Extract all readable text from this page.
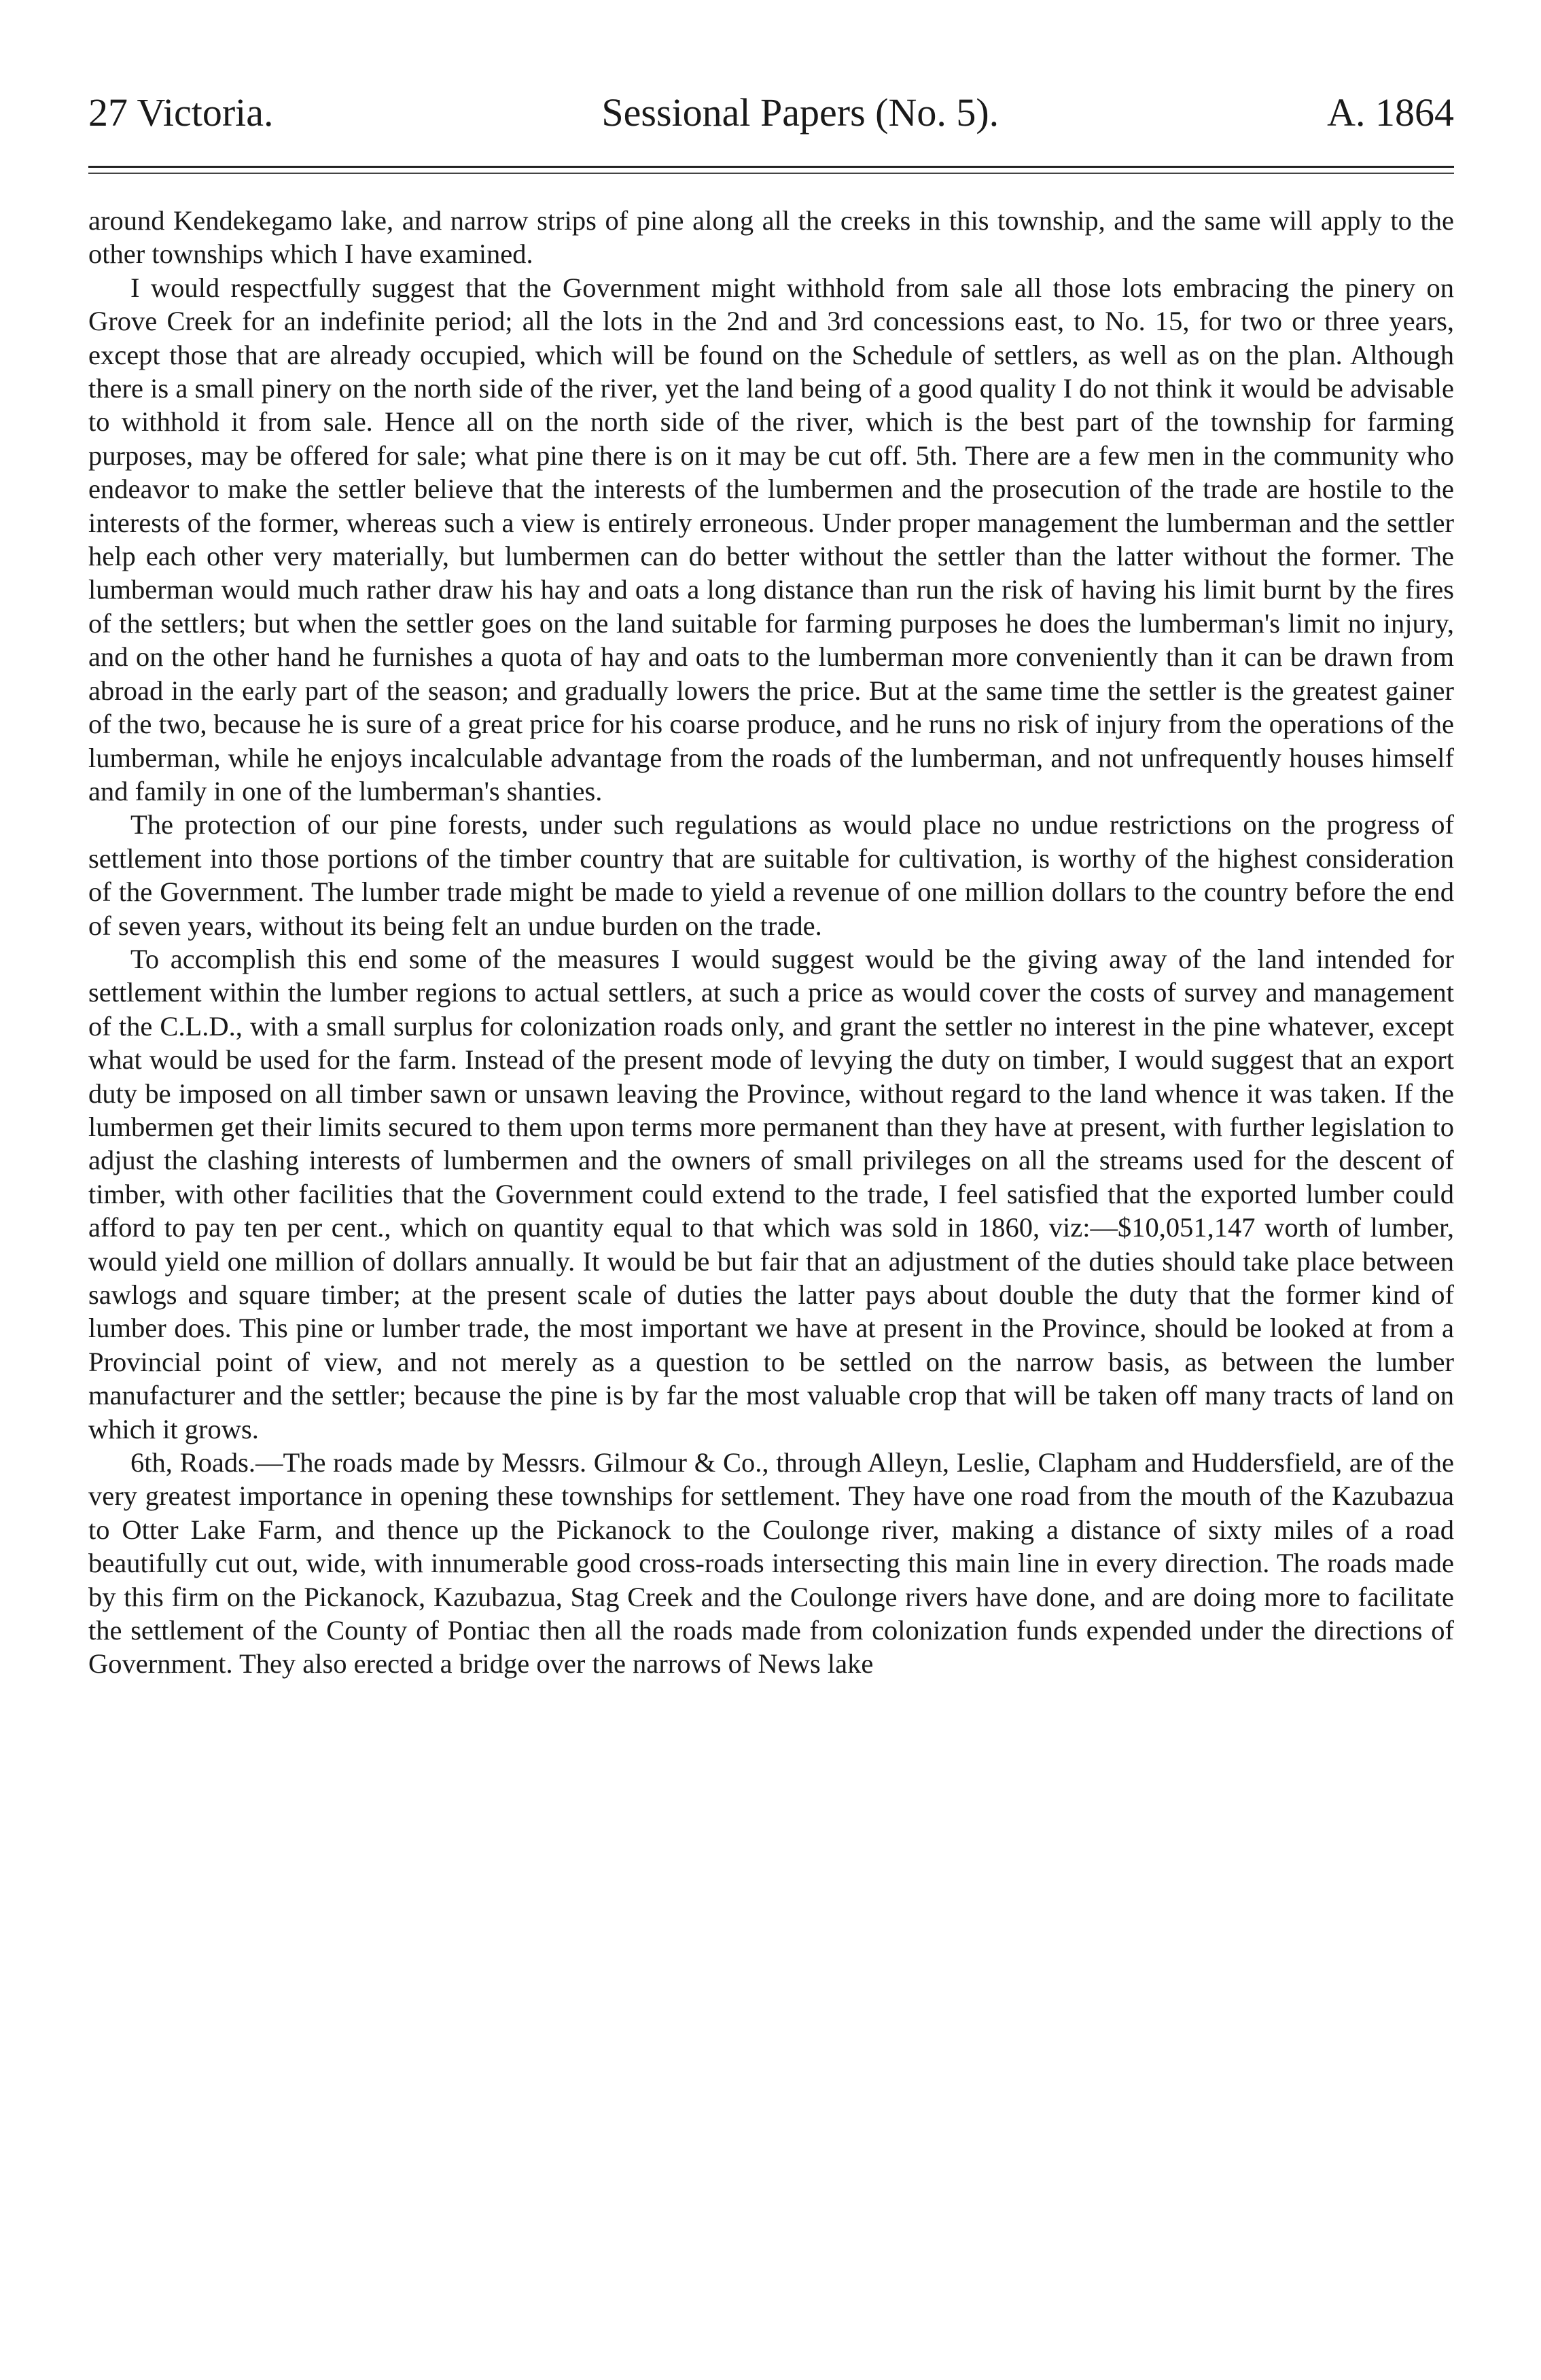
27 Victoria.	Sessional Papers (No. 5).	A. 1864

around Kendekegamo lake, and narrow strips of pine along all the creeks in this township, and the same will apply to the other townships which I have examined.

I would respectfully suggest that the Government might withhold from sale all those lots embracing the pinery on Grove Creek for an indefinite period; all the lots in the 2nd and 3rd concessions east, to No. 15, for two or three years, except those that are already occupied, which will be found on the Schedule of settlers, as well as on the plan. Although there is a small pinery on the north side of the river, yet the land being of a good quality I do not think it would be advisable to withhold it from sale. Hence all on the north side of the river, which is the best part of the township for farming purposes, may be offered for sale; what pine there is on it may be cut off. 5th. There are a few men in the community who endeavor to make the settler believe that the interests of the lumbermen and the prosecution of the trade are hostile to the interests of the former, whereas such a view is entirely erroneous. Under proper management the lumberman and the settler help each other very materially, but lumbermen can do better without the settler than the latter without the former. The lumberman would much rather draw his hay and oats a long distance than run the risk of having his limit burnt by the fires of the settlers; but when the settler goes on the land suitable for farming purposes he does the lumberman's limit no injury, and on the other hand he furnishes a quota of hay and oats to the lumberman more conveniently than it can be drawn from abroad in the early part of the season; and gradually lowers the price. But at the same time the settler is the greatest gainer of the two, because he is sure of a great price for his coarse produce, and he runs no risk of injury from the operations of the lumberman, while he enjoys incalculable advantage from the roads of the lumberman, and not unfrequently houses himself and family in one of the lumberman's shanties.

The protection of our pine forests, under such regulations as would place no undue restrictions on the progress of settlement into those portions of the timber country that are suitable for cultivation, is worthy of the highest consideration of the Government. The lumber trade might be made to yield a revenue of one million dollars to the country before the end of seven years, without its being felt an undue burden on the trade.

To accomplish this end some of the measures I would suggest would be the giving away of the land intended for settlement within the lumber regions to actual settlers, at such a price as would cover the costs of survey and management of the C.L.D., with a small surplus for colonization roads only, and grant the settler no interest in the pine whatever, except what would be used for the farm. Instead of the present mode of levying the duty on timber, I would suggest that an export duty be imposed on all timber sawn or unsawn leaving the Province, without regard to the land whence it was taken. If the lumbermen get their limits secured to them upon terms more permanent than they have at present, with further legislation to adjust the clashing interests of lumbermen and the owners of small privileges on all the streams used for the descent of timber, with other facilities that the Government could extend to the trade, I feel satisfied that the exported lumber could afford to pay ten per cent., which on quantity equal to that which was sold in 1860, viz:—$10,051,147 worth of lumber, would yield one million of dollars annually. It would be but fair that an adjustment of the duties should take place between sawlogs and square timber; at the present scale of duties the latter pays about double the duty that the former kind of lumber does. This pine or lumber trade, the most important we have at present in the Province, should be looked at from a Provincial point of view, and not merely as a question to be settled on the narrow basis, as between the lumber manufacturer and the settler; because the pine is by far the most valuable crop that will be taken off many tracts of land on which it grows.

6th, Roads.—The roads made by Messrs. Gilmour & Co., through Alleyn, Leslie, Clapham and Huddersfield, are of the very greatest importance in opening these townships for settlement. They have one road from the mouth of the Kazubazua to Otter Lake Farm, and thence up the Pickanock to the Coulonge river, making a distance of sixty miles of a road beautifully cut out, wide, with innumerable good cross-roads intersecting this main line in every direction. The roads made by this firm on the Pickanock, Kazubazua, Stag Creek and the Coulonge rivers have done, and are doing more to facilitate the settlement of the County of Pontiac then all the roads made from colonization funds expended under the directions of Government. They also erected a bridge over the narrows of News lake
